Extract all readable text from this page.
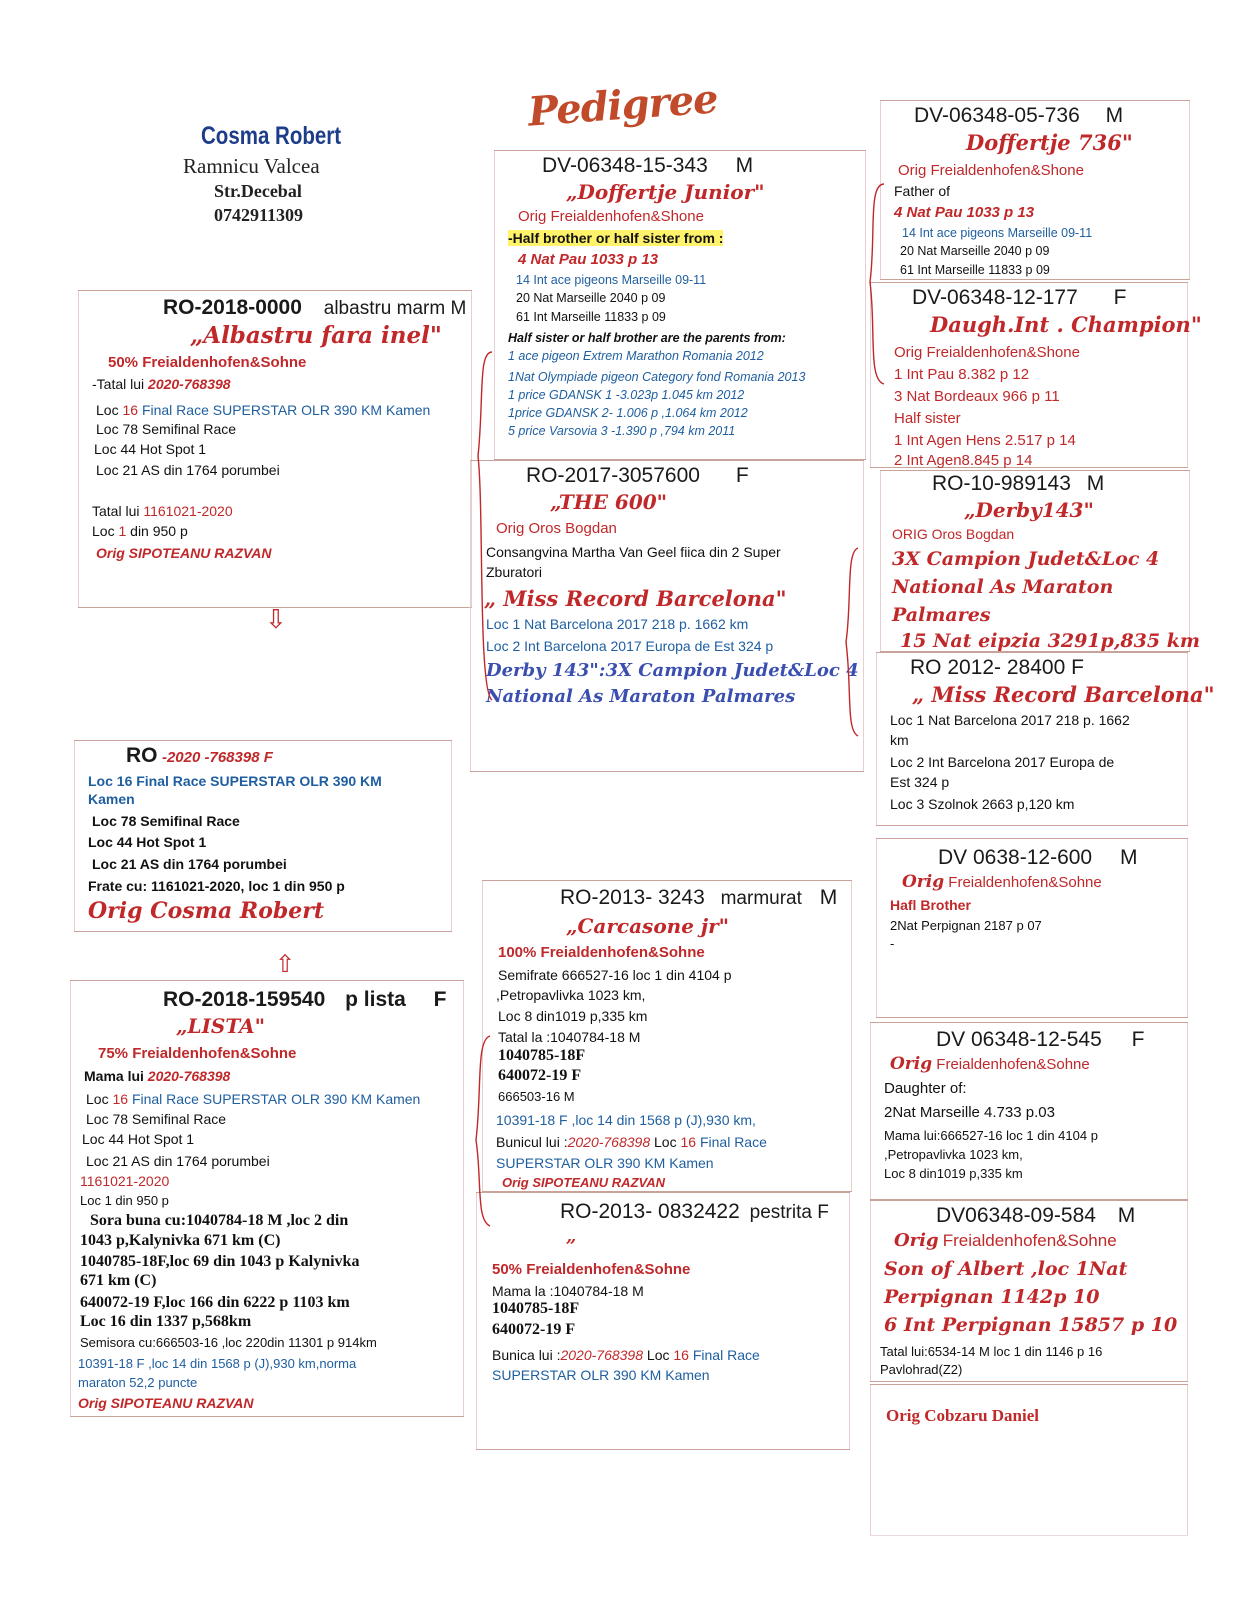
Cosma Robert
Ramnicu Valcea
Str.Decebal
0742911309
Pedigree
RO-2018-0000 albastru marm M
„Albastru fara inel"
50% Freialdenhofen&Sohne
-Tatal lui 2020-768398
Loc 16 Final Race SUPERSTAR OLR 390 KM Kamen
Loc 78 Semifinal Race
Loc 44 Hot Spot 1
Loc 21 AS din 1764 porumbei
Tatal lui 1161021-2020
Loc 1 din 950 p
Orig SIPOTEANU RAZVAN
⇩
RO -2020 -768398 F
Loc 16 Final Race SUPERSTAR OLR 390 KM
Kamen
Loc 78 Semifinal Race
Loc 44 Hot Spot 1
Loc 21 AS din 1764 porumbei
Frate cu: 1161021-2020, loc 1 din 950 p
Orig Cosma Robert
⇧
RO-2018-159540 p lista F
„LISTA"
75% Freialdenhofen&Sohne
Mama lui 2020-768398
Loc 16 Final Race SUPERSTAR OLR 390 KM Kamen
Loc 78 Semifinal Race
Loc 44 Hot Spot 1
Loc 21 AS din 1764 porumbei
1161021-2020
Loc 1 din 950 p
Sora buna cu:1040784-18 M ,loc 2 din
1043 p,Kalynivka 671 km (C)
1040785-18F,loc 69 din 1043 p Kalynivka
671 km (C)
640072-19 F,loc 166 din 6222 p 1103 km
Loc 16 din 1337 p,568km
Semisora cu:666503-16 ,loc 220din 11301 p 914km
10391-18 F ,loc 14 din 1568 p (J),930 km,norma
maraton 52,2 puncte
Orig SIPOTEANU RAZVAN
DV-06348-15-343 M
„Doffertje Junior"
Orig Freialdenhofen&Shone
-Half brother or half sister from :
4 Nat Pau 1033 p 13
14 Int ace pigeons Marseille 09-11
20 Nat Marseille 2040 p 09
61 Int Marseille 11833 p 09
Half sister or half brother are the parents from:
1 ace pigeon Extrem Marathon Romania 2012
1Nat Olympiade pigeon Category fond Romania 2013
1 price GDANSK 1 -3.023p 1.045 km 2012
1price GDANSK 2- 1.006 p ,1.064 km 2012
5 price Varsovia 3 -1.390 p ,794 km 2011
RO-2017-3057600 F
„THE 600"
Orig Oros Bogdan
Consangvina Martha Van Geel fiica din 2 Super
Zburatori
„ Miss Record Barcelona"
Loc 1 Nat Barcelona 2017 218 p. 1662 km
Loc 2 Int Barcelona 2017 Europa de Est 324 p
Derby 143":3X Campion Judet&Loc 4
National As Maraton Palmares
RO-2013- 3243 marmurat M
„Carcasone jr"
100% Freialdenhofen&Sohne
Semifrate 666527-16 loc 1 din 4104 p
,Petropavlivka 1023 km,
Loc 8 din1019 p,335 km
Tatal la :1040784-18 M
1040785-18F
640072-19 F
666503-16 M
10391-18 F ,loc 14 din 1568 p (J),930 km,
Bunicul lui :2020-768398 Loc 16 Final Race
SUPERSTAR OLR 390 KM Kamen
Orig SIPOTEANU RAZVAN
RO-2013- 0832422 pestrita F
„
50% Freialdenhofen&Sohne
Mama la :1040784-18 M
1040785-18F
640072-19 F
Bunica lui :2020-768398 Loc 16 Final Race
SUPERSTAR OLR 390 KM Kamen
DV-06348-05-736 M
Doffertje 736"
Orig Freialdenhofen&Shone
Father of
4 Nat Pau 1033 p 13
14 Int ace pigeons Marseille 09-11
20 Nat Marseille 2040 p 09
61 Int Marseille 11833 p 09
DV-06348-12-177 F
Daugh.Int . Champion"
Orig Freialdenhofen&Shone
1 Int Pau 8.382 p 12
3 Nat Bordeaux 966 p 11
Half sister
1 Int Agen Hens 2.517 p 14
2 Int Agen8.845 p 14
RO-10-989143 M
„Derby143"
ORIG Oros Bogdan
3X Campion Judet&Loc 4
National As Maraton
Palmares
15 Nat eipzia 3291p,835 km
RO 2012- 28400 F
„ Miss Record Barcelona"
Loc 1 Nat Barcelona 2017 218 p. 1662
km
Loc 2 Int Barcelona 2017 Europa de
Est 324 p
Loc 3 Szolnok 2663 p,120 km
DV 0638-12-600 M
Orig Freialdenhofen&Sohne
Hafl Brother
2Nat Perpignan 2187 p 07
-
DV 06348-12-545 F
Orig Freialdenhofen&Sohne
Daughter of:
2Nat Marseille 4.733 p.03
Mama lui:666527-16 loc 1 din 4104 p
,Petropavlivka 1023 km,
Loc 8 din1019 p,335 km
DV06348-09-584 M
Orig Freialdenhofen&Sohne
Son of Albert ,loc 1Nat
Perpignan 1142p 10
6 Int Perpignan 15857 p 10
Tatal lui:6534-14 M loc 1 din 1146 p 16
Pavlohrad(Z2)
Orig Cobzaru Daniel
